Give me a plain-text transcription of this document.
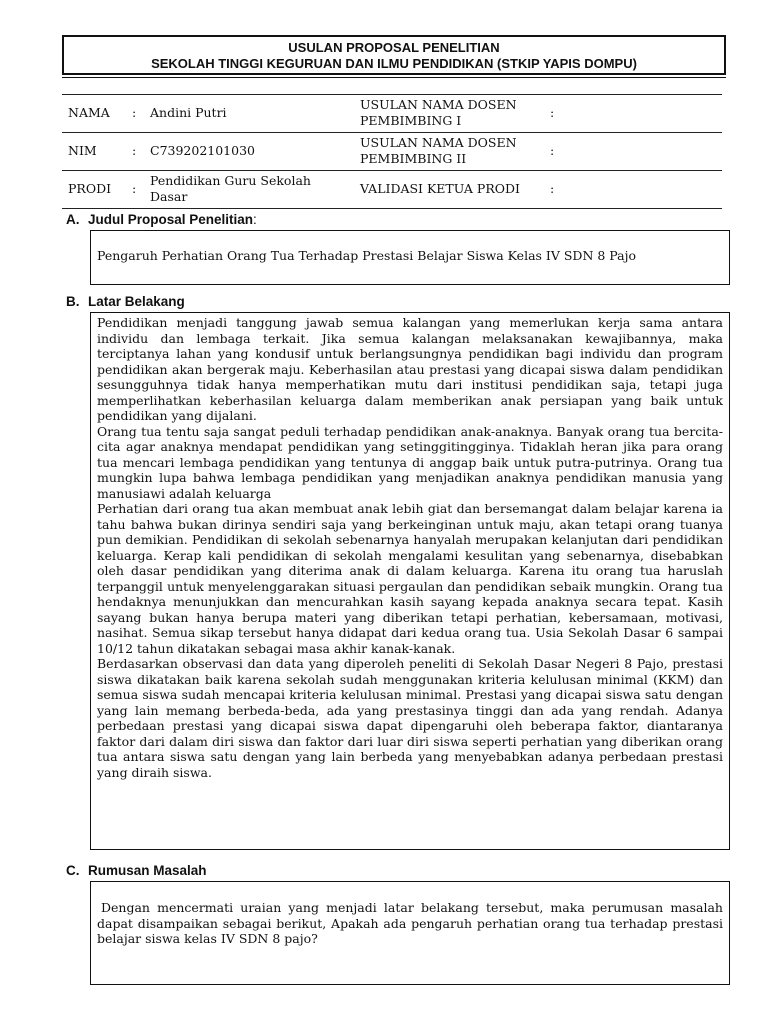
USULAN PROPOSAL PENELITIAN
SEKOLAH TINGGI KEGURUAN DAN ILMU PENDIDIKAN (STKIP YAPIS DOMPU)
NAMA : Andini Putri
USULAN NAMA DOSEN PEMBIMBING I
:
NIM	: C739202101030
USULAN NAMA DOSEN PEMBIMBING II
:
PRODI :
Pendidikan Guru Sekolah Dasar
VALIDASI KETUA PRODI	:
A. Judul Proposal Penelitian:

Pengaruh Perhatian Orang Tua Terhadap Prestasi Belajar Siswa Kelas IV SDN 8 Pajo

B. Latar Belakang

Pendidikan menjadi tanggung jawab semua kalangan yang memerlukan kerja sama antara individu dan lembaga terkait. Jika semua kalangan melaksanakan kewajibannya, maka terciptanya lahan yang kondusif untuk berlangsungnya pendidikan bagi individu dan program pendidikan akan bergerak maju. Keberhasilan atau prestasi yang dicapai siswa dalam pendidikan sesungguhnya tidak hanya memperhatikan mutu dari institusi pendidikan saja, tetapi juga memperlihatkan keberhasilan keluarga dalam memberikan anak persiapan yang baik untuk pendidikan yang dijalani.

Orang tua tentu saja sangat peduli terhadap pendidikan anak-anaknya. Banyak orang tua bercita-cita agar anaknya mendapat pendidikan yang setinggitingginya. Tidaklah heran jika para orang tua mencari lembaga pendidikan yang tentunya di anggap baik untuk putra-putrinya. Orang tua mungkin lupa bahwa lembaga pendidikan yang menjadikan anaknya pendidikan manusia yang manusiawi adalah keluarga

Perhatian dari orang tua akan membuat anak lebih giat dan bersemangat dalam belajar karena ia tahu bahwa bukan dirinya sendiri saja yang berkeinginan untuk maju, akan tetapi orang tuanya pun demikian. Pendidikan di sekolah sebenarnya hanyalah merupakan kelanjutan dari pendidikan keluarga. Kerap kali pendidikan di sekolah mengalami kesulitan yang sebenarnya, disebabkan oleh dasar pendidikan yang diterima anak di dalam keluarga. Karena itu orang tua haruslah terpanggil untuk menyelenggarakan situasi pergaulan dan pendidikan sebaik mungkin. Orang tua hendaknya menunjukkan dan mencurahkan kasih sayang kepada anaknya secara tepat. Kasih sayang bukan hanya berupa materi yang diberikan tetapi perhatian, kebersamaan, motivasi, nasihat. Semua sikap tersebut hanya didapat dari kedua orang tua. Usia Sekolah Dasar 6 sampai 10/12 tahun dikatakan sebagai masa akhir kanak-kanak.

Berdasarkan observasi dan data yang diperoleh peneliti di Sekolah Dasar Negeri 8 Pajo, prestasi siswa dikatakan baik karena sekolah sudah menggunakan kriteria kelulusan minimal (KKM) dan semua siswa sudah mencapai kriteria kelulusan minimal. Prestasi yang dicapai siswa satu dengan yang lain memang berbeda-beda, ada yang prestasinya tinggi dan ada yang rendah. Adanya perbedaan prestasi yang dicapai siswa dapat dipengaruhi oleh beberapa faktor, diantaranya faktor dari dalam diri siswa dan faktor dari luar diri siswa seperti perhatian yang diberikan orang tua antara siswa satu dengan yang lain berbeda yang menyebabkan adanya perbedaan prestasi yang diraih siswa.

C. Rumusan Masalah

Dengan mencermati uraian yang menjadi latar belakang tersebut, maka perumusan masalah dapat disampaikan sebagai berikut, Apakah ada pengaruh perhatian orang tua terhadap prestasi belajar siswa kelas IV SDN 8 pajo?
